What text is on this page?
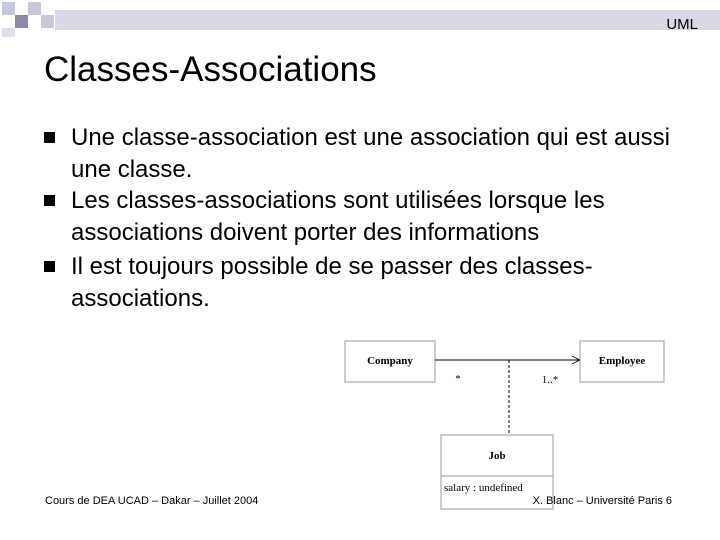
UML
Classes-Associations
Une classe-association est une association qui est aussi une classe.
Les classes-associations sont utilisées lorsque les associations doivent porter des informations
Il est toujours possible de se passer des classes-associations.
Company	Employee
*	1..*
Job
salary : undefined
Cours de DEA UCAD – Dakar – Juillet 2004	X. Blanc – Université Paris 6
